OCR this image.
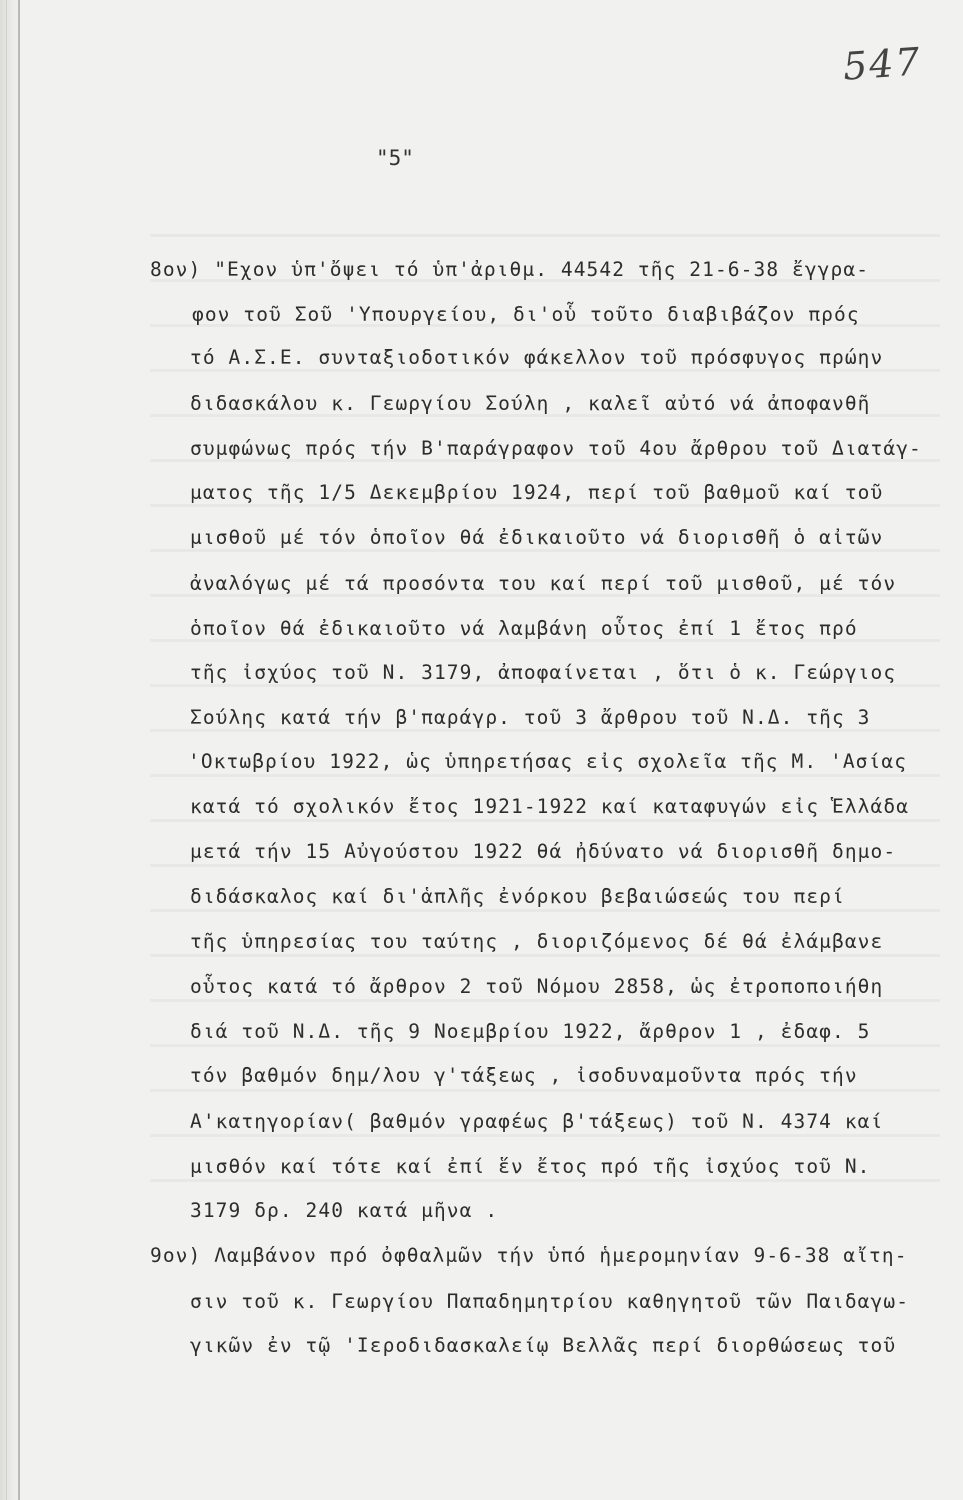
547
"5"
8ον) "Εχον ὑπ'ὄψει τό ὑπ'ἀριθμ. 44542 τῆς 21-6-38 ἔγγρα-
φον τοῦ Σοῦ 'Υπουργείου, δι'οὗ τοῦτο διαβιβάζον πρός
τό Α.Σ.Ε. συνταξιοδοτικόν φάκελλον τοῦ πρόσφυγος πρώην
διδασκάλου κ. Γεωργίου Σούλη , καλεῖ αὐτό νά ἀποφανθῆ
συμφώνως πρός τήν Β'παράγραφον τοῦ 4ου ἄρθρου τοῦ Διατάγ-
ματος τῆς 1/5 Δεκεμβρίου 1924, περί τοῦ βαθμοῦ καί τοῦ
μισθοῦ μέ τόν ὁποῖον θά ἐδικαιοῦτο νά διορισθῆ ὁ αἰτῶν
ἀναλόγως μέ τά προσόντα του καί περί τοῦ μισθοῦ, μέ τόν
ὁποῖον θά ἐδικαιοῦτο νά λαμβάνη οὗτος ἐπί 1 ἔτος πρό
τῆς ἰσχύος τοῦ Ν. 3179, ἀποφαίνεται , ὅτι ὁ κ. Γεώργιος
Σούλης κατά τήν β'παράγρ. τοῦ 3 ἄρθρου τοῦ Ν.Δ. τῆς 3
'Οκτωβρίου 1922, ὡς ὑπηρετήσας εἰς σχολεῖα τῆς Μ. 'Ασίας
κατά τό σχολικόν ἔτος 1921-1922 καί καταφυγών εἰς Ἑλλάδα
μετά τήν 15 Αὐγούστου 1922 θά ἠδύνατο νά διορισθῆ δημο-
διδάσκαλος καί δι'ἁπλῆς ἐνόρκου βεβαιώσεώς του περί
τῆς ὑπηρεσίας του ταύτης , διοριζόμενος δέ θά ἐλάμβανε
οὗτος κατά τό ἄρθρον 2 τοῦ Νόμου 2858, ὡς ἐτροποποιήθη
διά τοῦ Ν.Δ. τῆς 9 Νοεμβρίου 1922, ἄρθρον 1 , ἐδαφ. 5
τόν βαθμόν δημ/λου γ'τάξεως , ἰσοδυναμοῦντα πρός τήν
Α'κατηγορίαν( βαθμόν γραφέως β'τάξεως) τοῦ Ν. 4374 καί
μισθόν καί τότε καί ἐπί ἕν ἔτος πρό τῆς ἰσχύος τοῦ Ν.
3179 δρ. 240 κατά μῆνα .
9ον) Λαμβάνον πρό ὀφθαλμῶν τήν ὑπό ἡμερομηνίαν 9-6-38 αἴτη-
σιν τοῦ κ. Γεωργίου Παπαδημητρίου καθηγητοῦ τῶν Παιδαγω-
γικῶν ἐν τῷ 'Ιεροδιδασκαλείῳ Βελλᾶς περί διορθώσεως τοῦ
